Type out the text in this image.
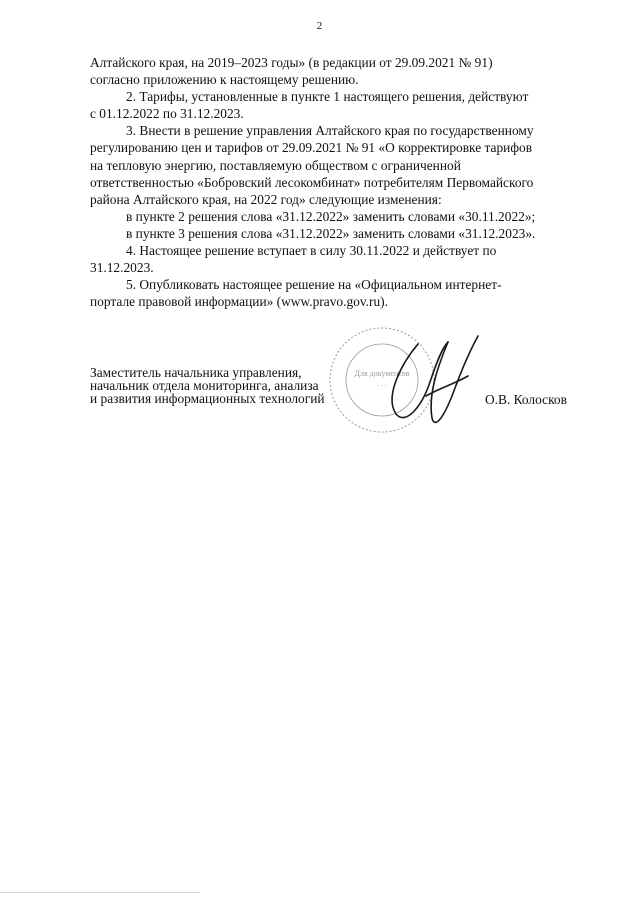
2

Алтайского края, на 2019–2023 годы» (в редакции от 29.09.2021 № 91)

согласно приложению к настоящему решению.

2. Тарифы, установленные в пункте 1 настоящего решения, действуют

с 01.12.2022 по 31.12.2023.

3. Внести в решение управления Алтайского края по государственному

регулированию цен и тарифов от 29.09.2021 № 91 «О корректировке тарифов

на тепловую энергию, поставляемую обществом с ограниченной

ответственностью «Бобровский лесокомбинат» потребителям Первомайского

района Алтайского края, на 2022 год» следующие изменения:

в пункте 2 решения слова «31.12.2022» заменить словами «30.11.2022»;

в пункте 3 решения слова «31.12.2022» заменить словами «31.12.2023».

4. Настоящее решение вступает в силу 30.11.2022 и действует по

31.12.2023.

5. Опубликовать настоящее решение на «Официальном интернет-

портале правовой информации» (www.pravo.gov.ru).

Заместитель начальника управления,
начальник отдела мониторинга, анализа
и развития информационных технологий
Для документов
· · ·
О.В. Колосков
